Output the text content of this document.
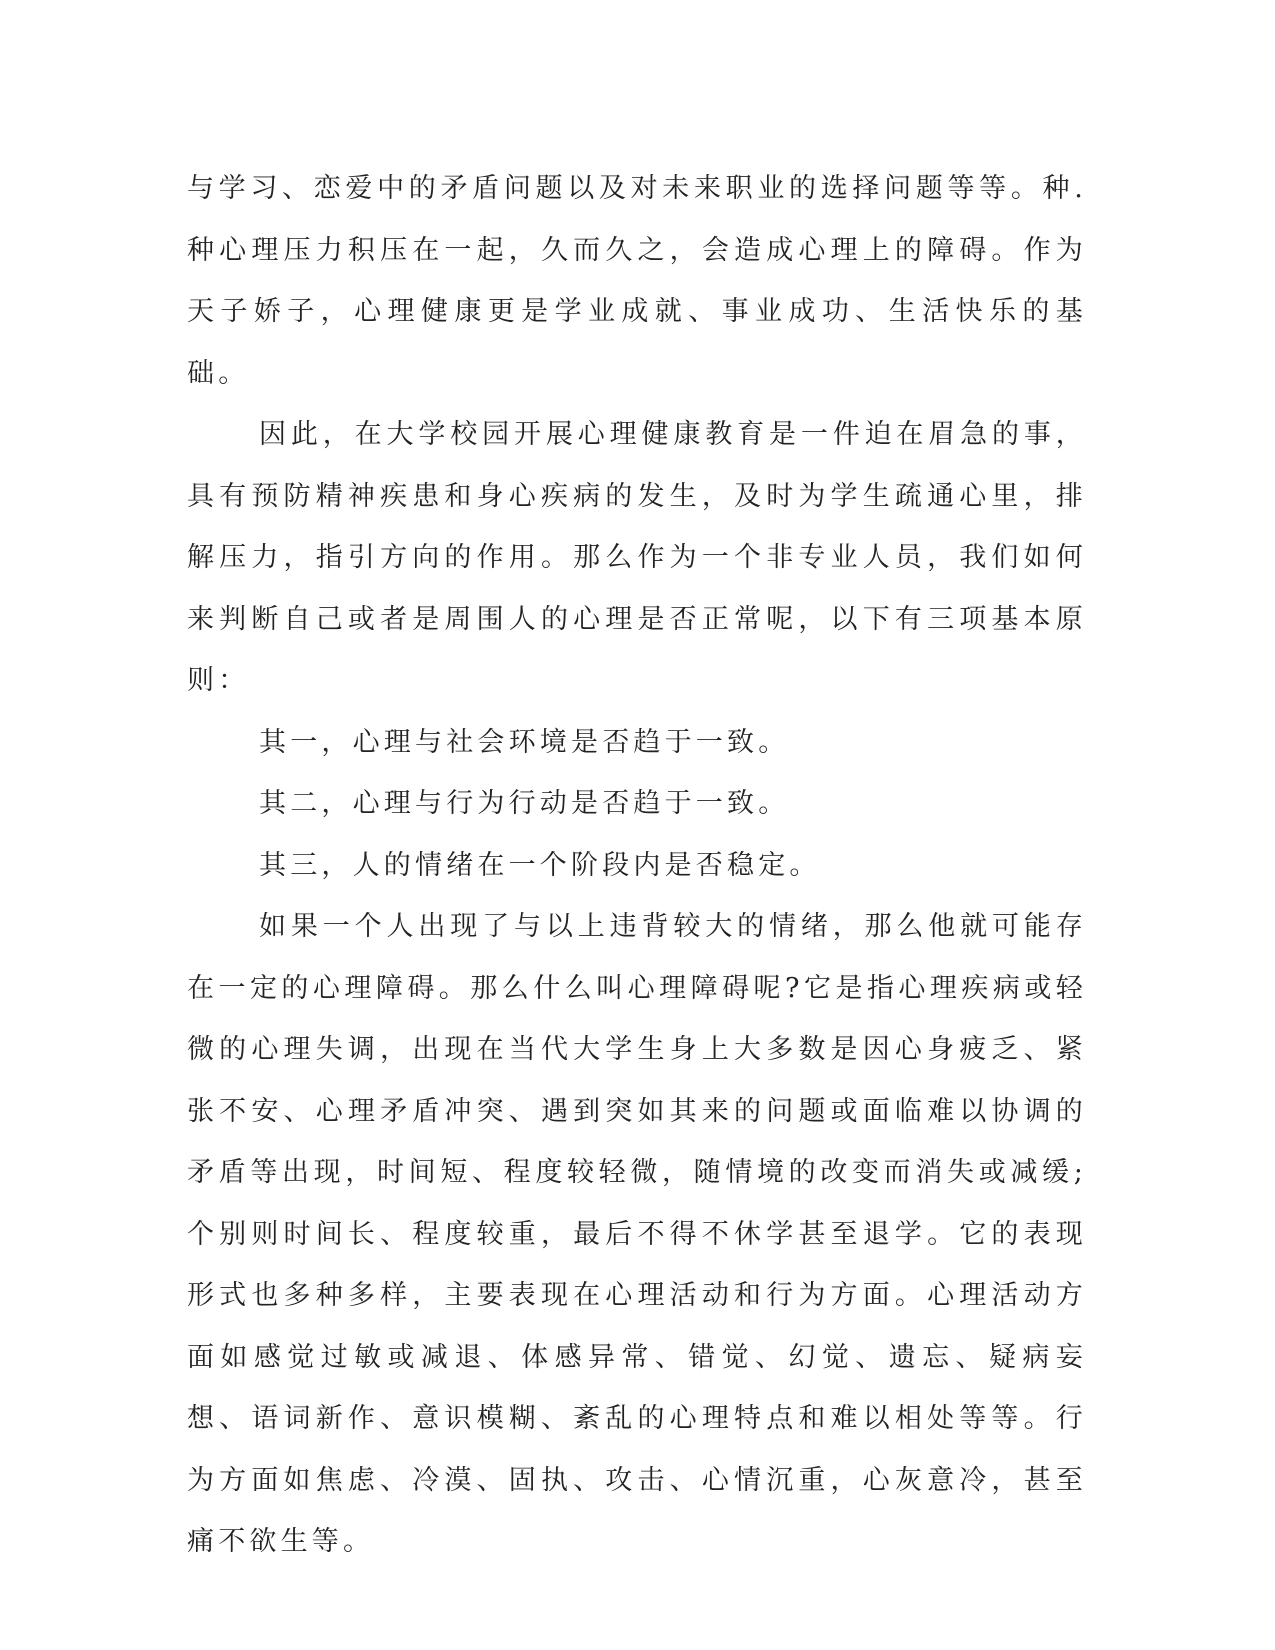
与学习、恋爱中的矛盾问题以及对未来职业的选择问题等等。种.种心理压力积压在一起，久而久之，会造成心理上的障碍。作为天子娇子，心理健康更是学业成就、事业成功、生活快乐的基础。

因此，在大学校园开展心理健康教育是一件迫在眉急的事，具有预防精神疾患和身心疾病的发生，及时为学生疏通心里，排解压力，指引方向的作用。那么作为一个非专业人员，我们如何来判断自己或者是周围人的心理是否正常呢，以下有三项基本原则：

其一，心理与社会环境是否趋于一致。

其二，心理与行为行动是否趋于一致。

其三，人的情绪在一个阶段内是否稳定。

如果一个人出现了与以上违背较大的情绪，那么他就可能存在一定的心理障碍。那么什么叫心理障碍呢?它是指心理疾病或轻微的心理失调，出现在当代大学生身上大多数是因心身疲乏、紧张不安、心理矛盾冲突、遇到突如其来的问题或面临难以协调的矛盾等出现，时间短、程度较轻微，随情境的改变而消失或减缓;个别则时间长、程度较重，最后不得不休学甚至退学。它的表现形式也多种多样，主要表现在心理活动和行为方面。心理活动方面如感觉过敏或减退、体感异常、错觉、幻觉、遗忘、疑病妄想、语词新作、意识模糊、紊乱的心理特点和难以相处等等。行为方面如焦虑、冷漠、固执、攻击、心情沉重，心灰意冷，甚至痛不欲生等。
